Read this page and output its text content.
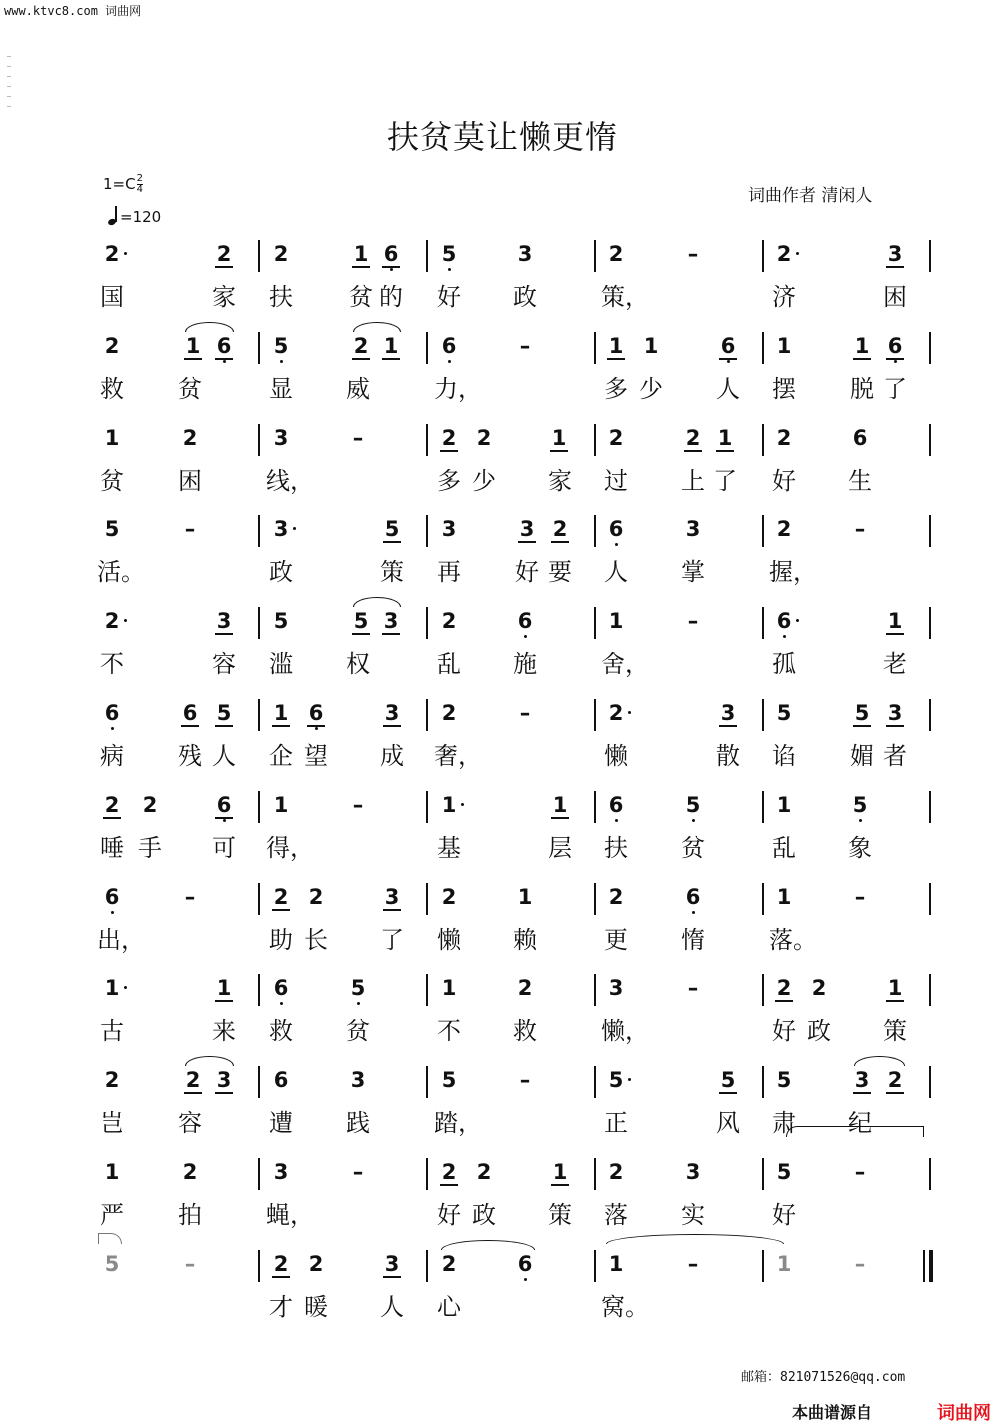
www.ktvc8.com 词曲网
扶贫莫让懒更惰
$1=C \frac{2}{4}$
=120
词曲作者 清闲人
2	2 2	1 6 5	3	2	–	2	3
国	家 扶 贫 的 好 政	策，	济	困
2	1 6 5	2 1 6	–	1 1	6 1	1 6
救 贫	显 威	力，	多 少 人 摆 脱 了
1	2	3	–	2 2	1 2	2 1 2	6
贫 困	线，	多 少 家 过 上 了 好 生
5	–	3	5 3	3 2 6	3	2	–
活。	政	策 再 好 要 人 掌	握，
2	3 5	5 3 2	6	1	–	6	1
不	容 滥 权	乱 施	舍，	孤	老
6	6 5 1 6	3 2	–	2	3 5	5 3
病 残 人 企 望 成 奢，	懒	散 谄 媚 者
2 2	6 1	–	1	1 6	5	1	5
唾 手 可 得，	基	层 扶 贫	乱 象
6	–	2 2	3 2	1	2	6	1	–
出，	助 长 了 懒 赖	更 惰	落。
1	1 6	5	1	2	3	–	2 2	1
古	来 救 贫	不 救	懒，	好 政 策
2	2 3 6	3	5	–	5	5 5	3 2
岂 容	遭 践	踏，	正	风 肃 纪
1	2	3	–	2 2	1 2	3	5	–
严 拍	蝇，	好 政 策 落 实	好
5	–	2 2	3 2	6	1	–	1	–
才 暖 人 心	窝。
邮箱：821071526@qq.com
本曲谱源自	词曲网
